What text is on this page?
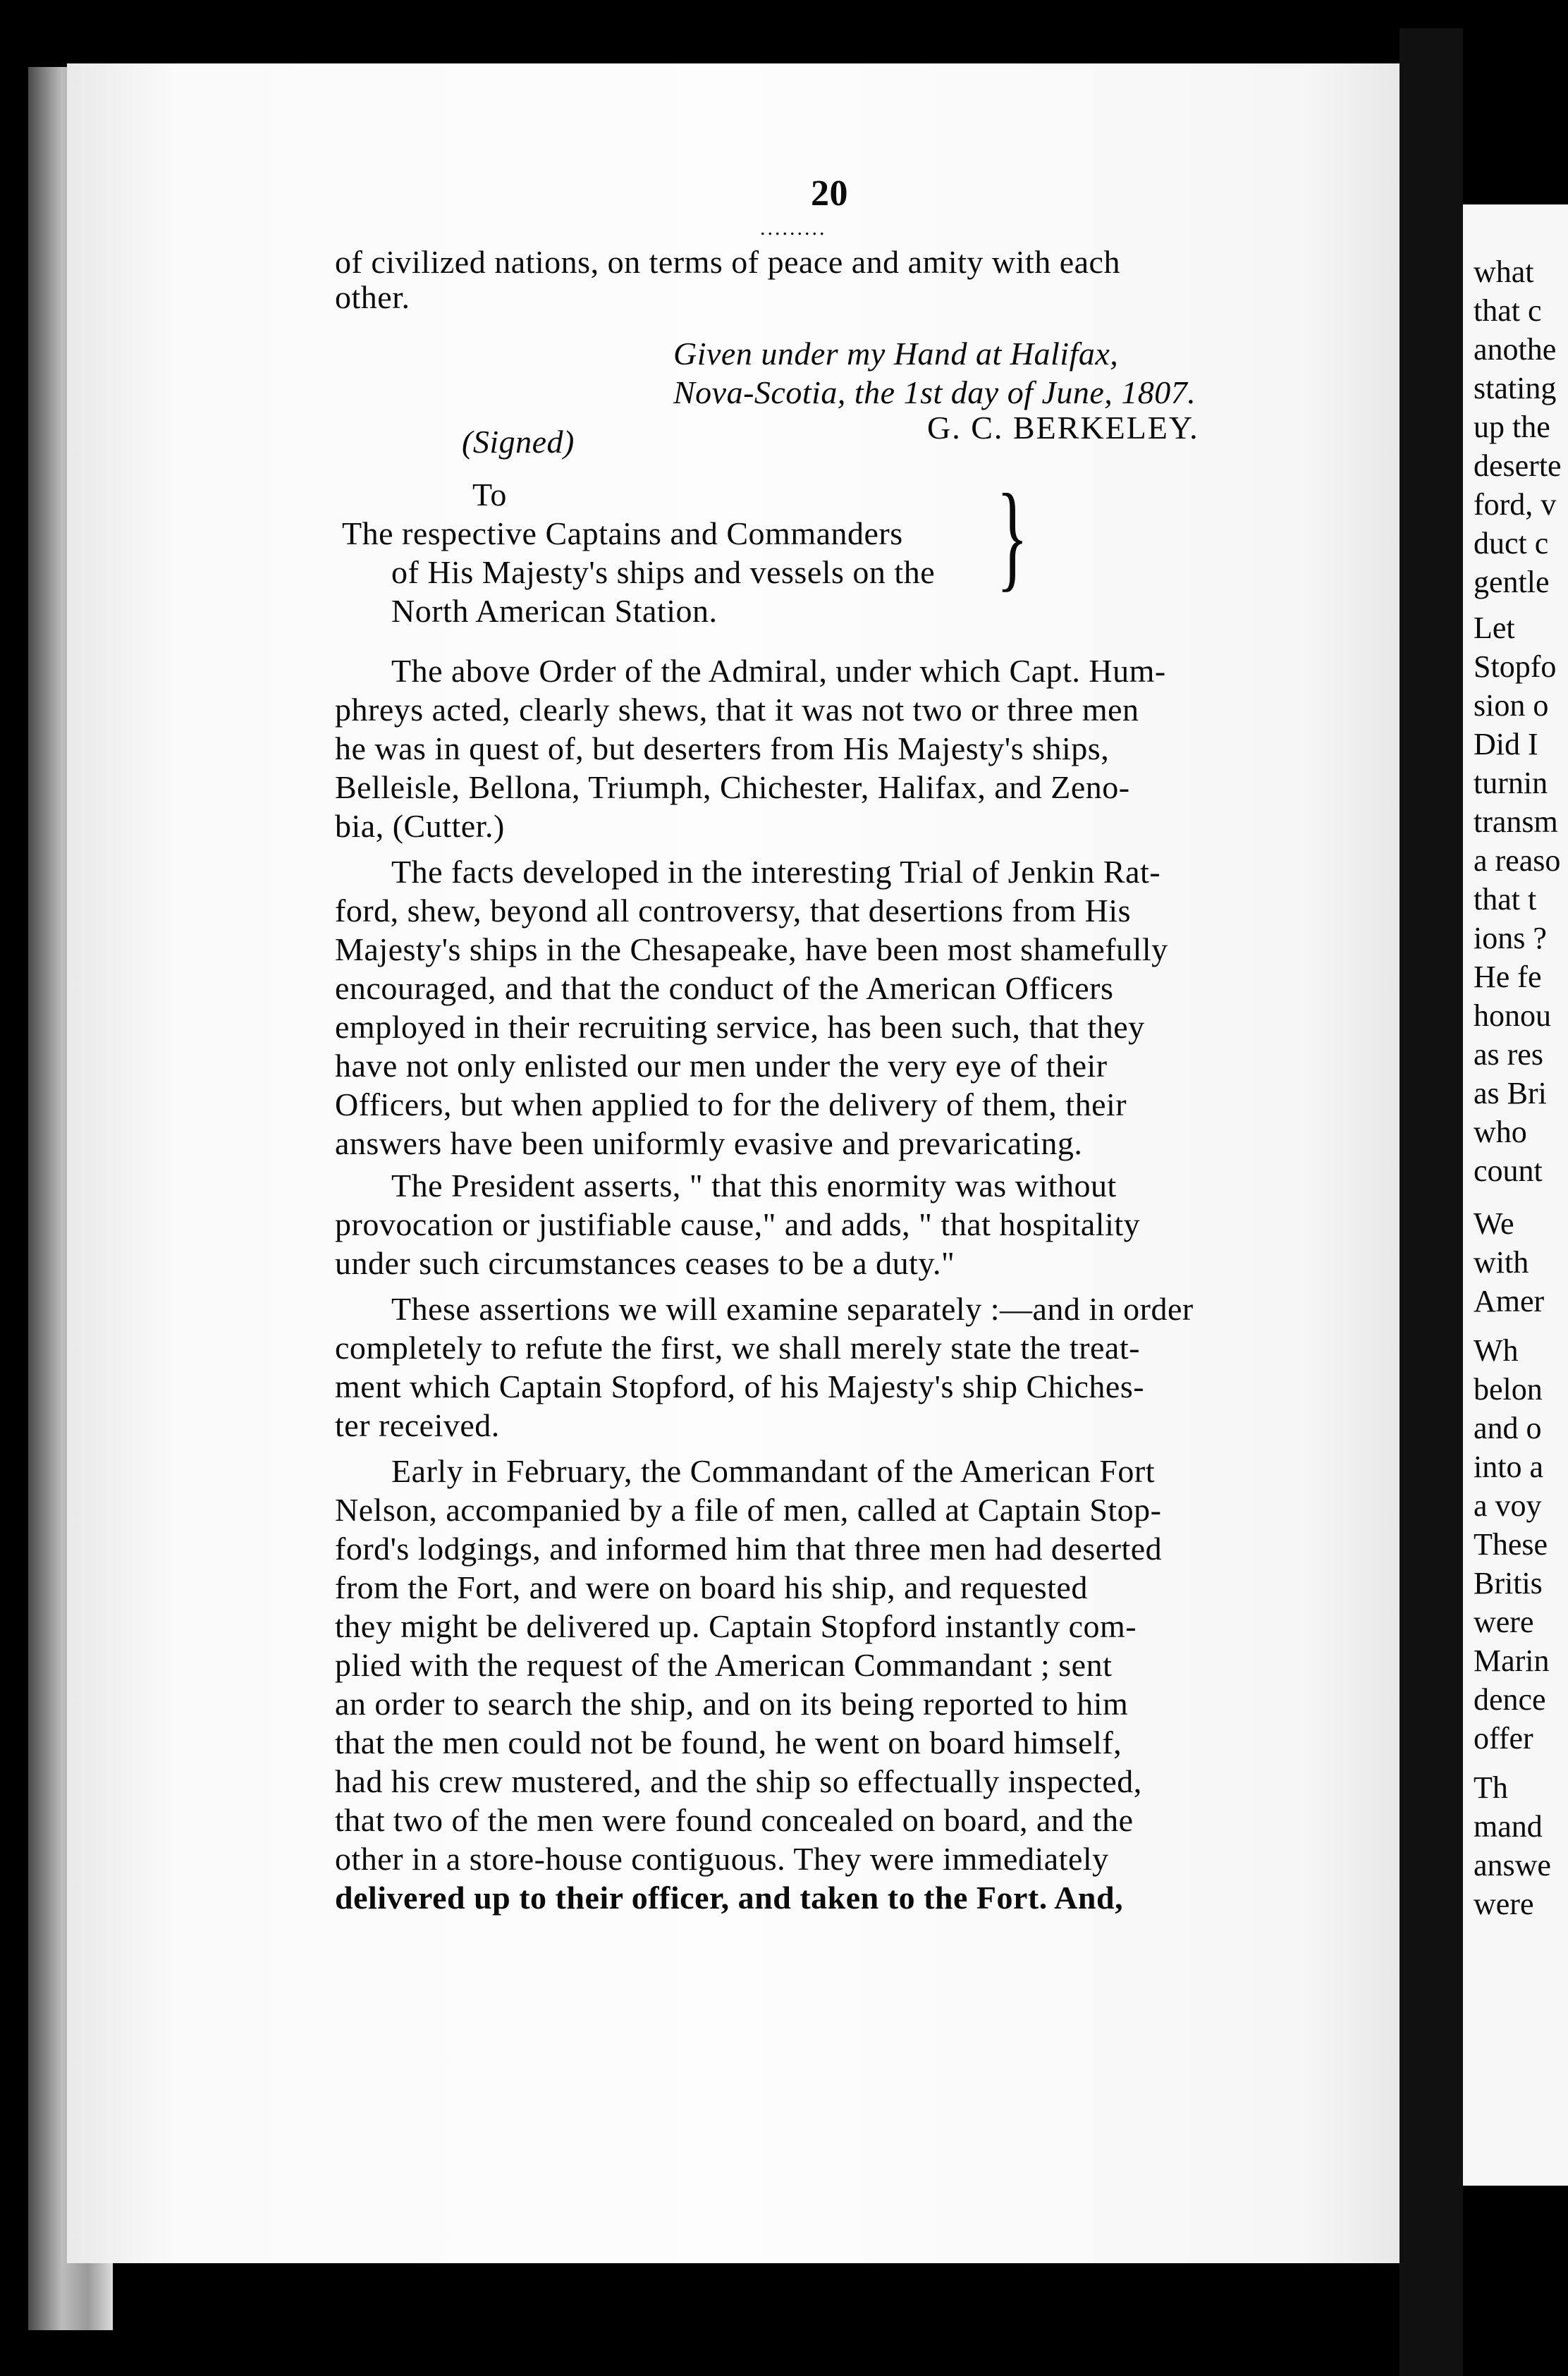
20
.........
of civilized nations, on terms of peace and amity with each
other.
Given under my Hand at Halifax,
Nova-Scotia, the 1st day of June, 1807.
(Signed)	G. C. BERKELEY.
To
The respective Captains and Commanders
of His Majesty's ships and vessels on the
North American Station.
}
The above Order of the Admiral, under which Capt. Hum-
phreys acted, clearly shews, that it was not two or three men
he was in quest of, but deserters from His Majesty's ships,
Belleisle, Bellona, Triumph, Chichester, Halifax, and Zeno-
bia, (Cutter.)
The facts developed in the interesting Trial of Jenkin Rat-
ford, shew, beyond all controversy, that desertions from His
Majesty's ships in the Chesapeake, have been most shamefully
encouraged, and that the conduct of the American Officers
employed in their recruiting service, has been such, that they
have not only enlisted our men under the very eye of their
Officers, but when applied to for the delivery of them, their
answers have been uniformly evasive and prevaricating.
The President asserts, " that this enormity was without
provocation or justifiable cause," and adds, " that hospitality
under such circumstances ceases to be a duty."
These assertions we will examine separately :—and in order
completely to refute the first, we shall merely state the treat-
ment which Captain Stopford, of his Majesty's ship Chiches-
ter received.
Early in February, the Commandant of the American Fort
Nelson, accompanied by a file of men, called at Captain Stop-
ford's lodgings, and informed him that three men had deserted
from the Fort, and were on board his ship, and requested
they might be delivered up. Captain Stopford instantly com-
plied with the request of the American Commandant ; sent
an order to search the ship, and on its being reported to him
that the men could not be found, he went on board himself,
had his crew mustered, and the ship so effectually inspected,
that two of the men were found concealed on board, and the
other in a store-house contiguous. They were immediately
delivered up to their officer, and taken to the Fort. And,
what
that c
anothe
stating
up the
deserte
ford, v
duct c
gentle
Let
Stopfo
sion o
Did I
turnin
transm
a reaso
that t
ions ?
He fe
honou
as res
as Bri
who
count
We
with
Amer
Wh
belon
and o
into a
a voy
These
Britis
were
Marin
dence
offer
Th
mand
answe
were
